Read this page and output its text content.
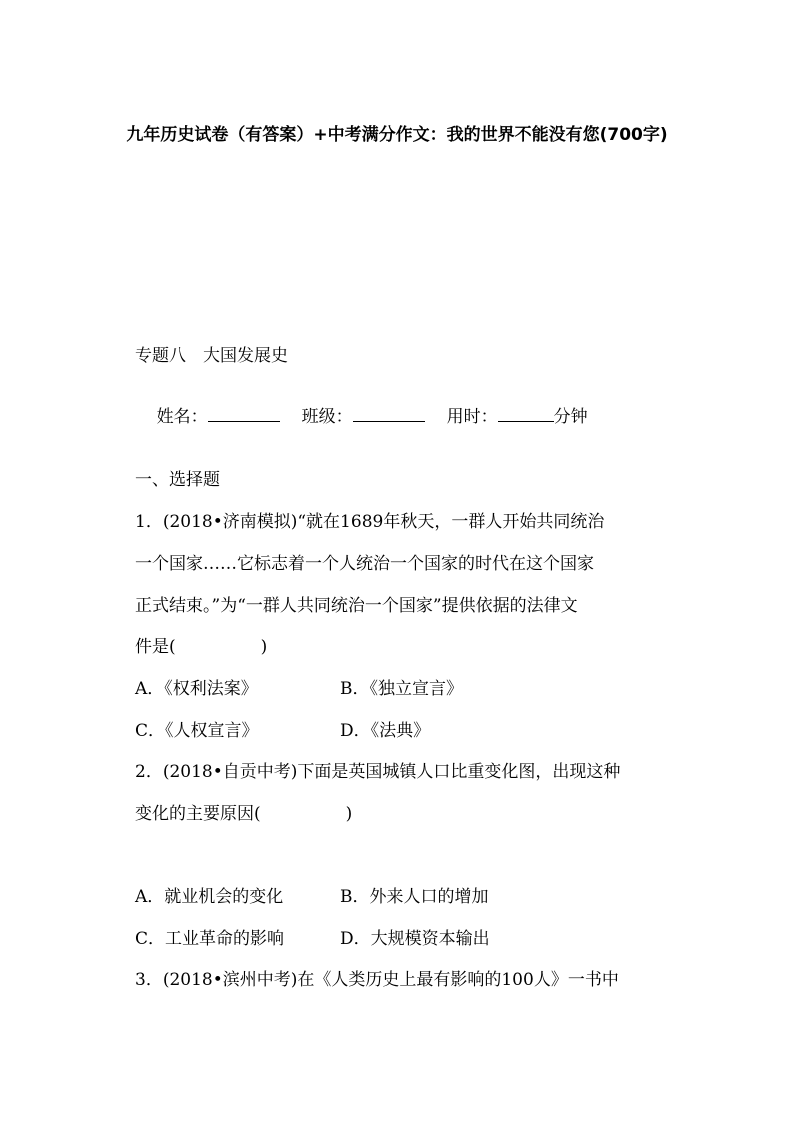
九年历史试卷（有答案）+中考满分作文：我的世界不能没有您(700字)
专题八　大国发展史

姓名：	班级：	用时：	分钟

一、选择题
1．(2018•济南模拟)“就在1689年秋天，一群人开始共同统治
一个国家……它标志着一个人统治一个国家的时代在这个国家
正式结束。”为“一群人共同统治一个国家”提供依据的法律文
件是(　　　　　)
A．《权利法案》	B．《独立宣言》
C．《人权宣言》	D．《法典》
2．(2018•自贡中考)下面是英国城镇人口比重变化图，出现这种
变化的主要原因(　　　　　)
A．就业机会的变化	B．外来人口的增加
C．工业革命的影响	D．大规模资本输出
3．(2018•滨州中考)在《人类历史上最有影响的100人》一书中
